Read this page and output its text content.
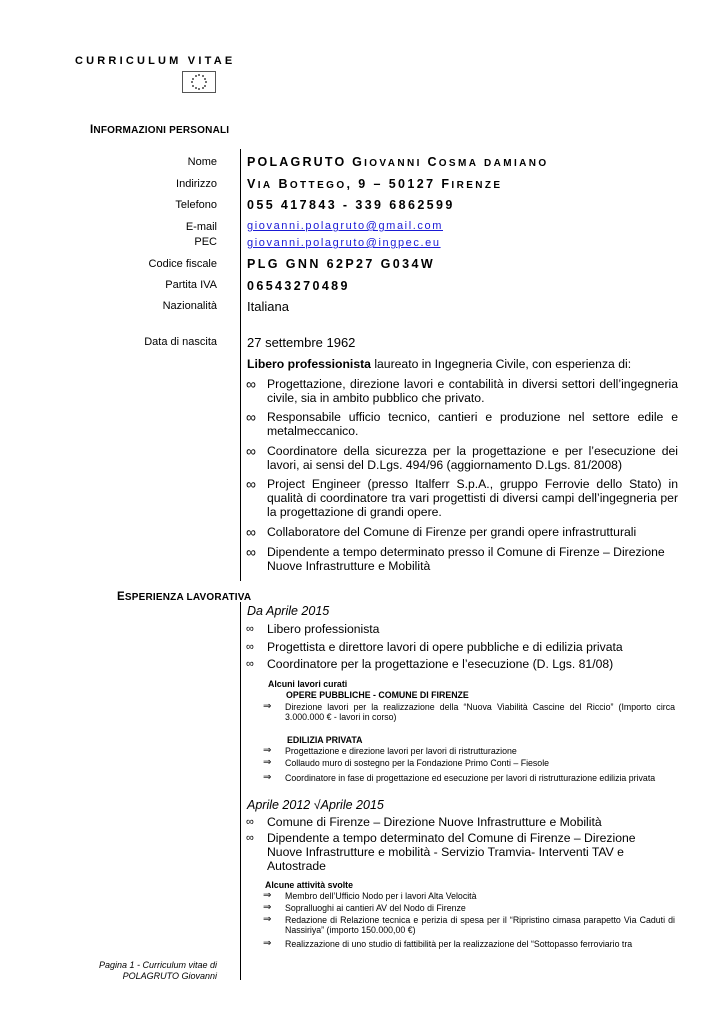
CURRICULUM VITAE
INFORMAZIONI PERSONALI
Nome
Indirizzo
Telefono
E-mail
PEC
Codice fiscale
Partita IVA
Nazionalità
Data di nascita
POLAGRUTO GIOVANNI COSMA DAMIANO
VIA BOTTEGO, 9 – 50127 FIRENZE
055 417843 - 339 6862599
giovanni.polagruto@gmail.com
giovanni.polagruto@ingpec.eu
PLG GNN 62P27 G034W
06543270489
Italiana
27 settembre 1962
Libero professionista laureato in Ingegneria Civile, con esperienza di:
∞ Progettazione, direzione lavori e contabilità in diversi settori dell’ingegneria civile, sia in ambito pubblico che privato.
∞ Responsabile ufficio tecnico, cantieri e produzione nel settore edile e metalmeccanico.
∞ Coordinatore della sicurezza per la progettazione e per l’esecuzione dei lavori, ai sensi del D.Lgs. 494/96 (aggiornamento D.Lgs. 81/2008)
∞ Project Engineer (presso Italferr S.p.A., gruppo Ferrovie dello Stato) in qualità di coordinatore tra vari progettisti di diversi campi dell’ingegneria per la progettazione di grandi opere.
∞ Collaboratore del Comune di Firenze per grandi opere infrastrutturali
∞ Dipendente a tempo determinato presso il Comune di Firenze – Direzione Nuove Infrastrutture e Mobilità
ESPERIENZA LAVORATIVA
Da Aprile 2015
∞ Libero professionista
∞ Progettista e direttore lavori di opere pubbliche e di edilizia privata
∞ Coordinatore per la progettazione e l’esecuzione (D. Lgs. 81/08)
Alcuni lavori curati
OPERE PUBBLICHE - COMUNE DI FIRENZE
⇒ Direzione lavori per la realizzazione della “Nuova Viabilità Cascine del Riccio” (Importo circa 3.000.000 € - lavori in corso)
EDILIZIA PRIVATA
⇒ Progettazione e direzione lavori per lavori di ristrutturazione
⇒ Collaudo muro di sostegno per la Fondazione Primo Conti – Fiesole
⇒ Coordinatore in fase di progettazione ed esecuzione per lavori di ristrutturazione edilizia privata
Aprile 2012 √Aprile 2015
∞ Comune di Firenze – Direzione Nuove Infrastrutture e Mobilità
∞ Dipendente a tempo determinato del Comune di Firenze – Direzione Nuove Infrastrutture e mobilità - Servizio Tramvia- Interventi TAV e Autostrade
Alcune attività svolte
⇒ Membro dell’Ufficio Nodo per i lavori Alta Velocità
⇒ Sopralluoghi ai cantieri AV del Nodo di Firenze
⇒ Redazione di Relazione tecnica e perizia di spesa per il “Ripristino cimasa parapetto Via Caduti di Nassiriya” (importo 150.000,00 €)
⇒ Realizzazione di uno studio di fattibilità per la realizzazione del “Sottopasso ferroviario tra
Pagina 1 - Curriculum vitae di
POLAGRUTO Giovanni
